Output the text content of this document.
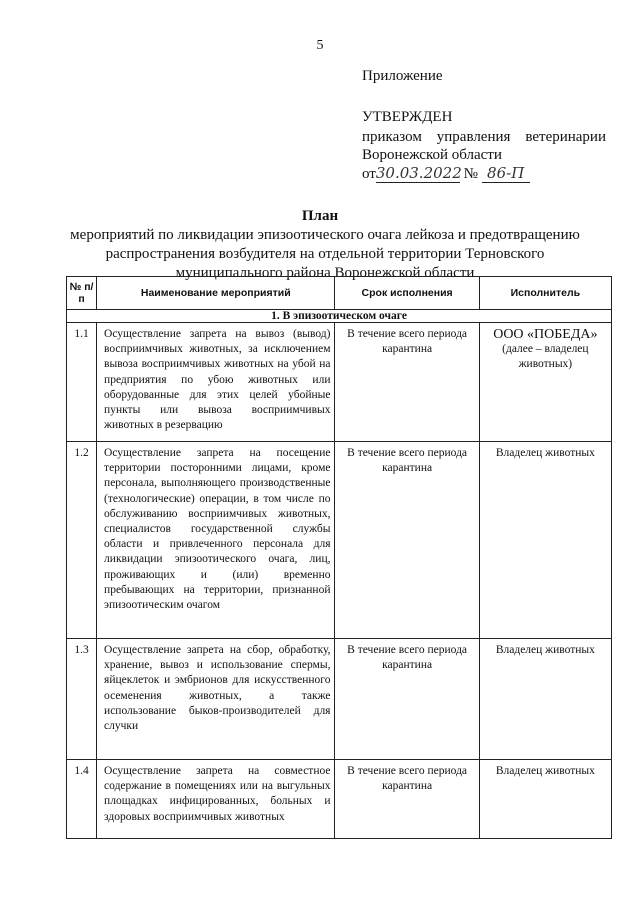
5
Приложение
УТВЕРЖДЕН
приказом управления ветеринарии
Воронежской области
от30.03.2022 № 86-П
План
мероприятий по ликвидации эпизоотического очага лейкоза и предотвращению распространения возбудителя на отдельной территории Терновского муниципального района Воронежской области
№ п/п	Наименование мероприятий	Срок исполнения	Исполнитель
1. В эпизоотическом очаге			
1.1	Осуществление запрета на вывоз (вывод) восприимчивых животных, за исключением вывоза восприимчивых животных на убой на предприятия по убою животных или оборудованные для этих целей убойные пункты или вывоза восприимчивых животных в резервацию	В течение всего периода карантина	ООО «ПОБЕДА»
(далее – владелец животных)

1.2	Осуществление запрета на посещение территории посторонними лицами, кроме персонала, выполняющего производственные (технологические) операции, в том числе по обслуживанию восприимчивых животных, специалистов государственной службы области и привлеченного персонала для ликвидации эпизоотического очага, лиц, проживающих и (или) временно пребывающих на территории, признанной эпизоотическим очагом	В течение всего периода карантина	Владелец животных
1.3	Осуществление запрета на сбор, обработку, хранение, вывоз и использование спермы, яйцеклеток и эмбрионов для искусственного осеменения животных, а также использование быков-производителей для случки	В течение всего периода карантина	Владелец животных
1.4	Осуществление запрета на совместное содержание в помещениях или на выгульных площадках инфицированных, больных и здоровых восприимчивых животных	В течение всего периода карантина	Владелец животных
